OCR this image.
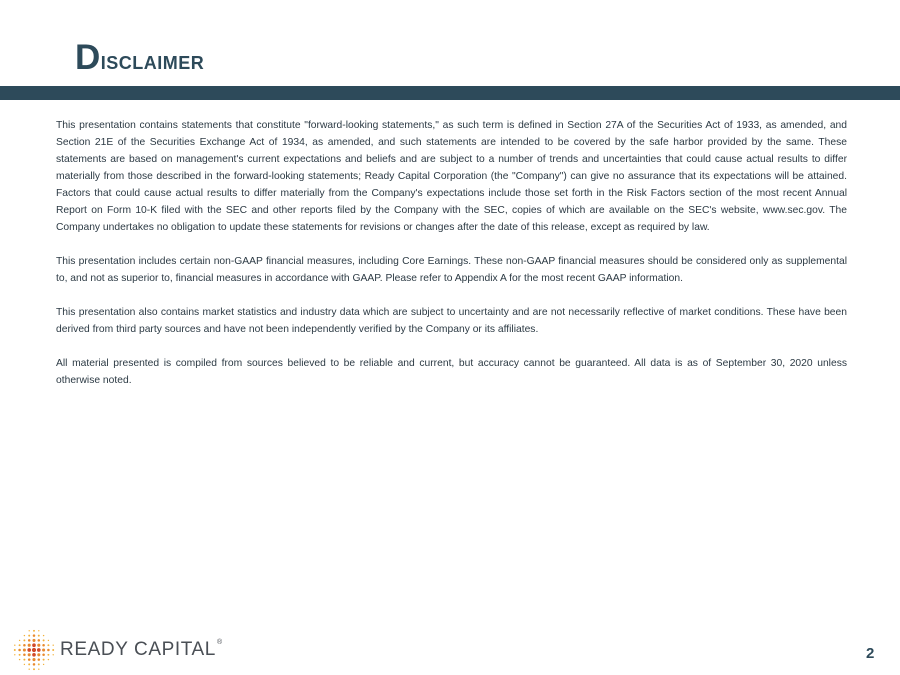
Disclaimer

This presentation contains statements that constitute "forward-looking statements," as such term is defined in Section 27A of the Securities Act of 1933, as amended, and Section 21E of the Securities Exchange Act of 1934, as amended, and such statements are intended to be covered by the safe harbor provided by the same. These statements are based on management's current expectations and beliefs and are subject to a number of trends and uncertainties that could cause actual results to differ materially from those described in the forward-looking statements; Ready Capital Corporation (the "Company") can give no assurance that its expectations will be attained. Factors that could cause actual results to differ materially from the Company's expectations include those set forth in the Risk Factors section of the most recent Annual Report on Form 10-K filed with the SEC and other reports filed by the Company with the SEC, copies of which are available on the SEC's website, www.sec.gov. The Company undertakes no obligation to update these statements for revisions or changes after the date of this release, except as required by law.

This presentation includes certain non-GAAP financial measures, including Core Earnings. These non-GAAP financial measures should be considered only as supplemental to, and not as superior to, financial measures in accordance with GAAP. Please refer to Appendix A for the most recent GAAP information.

This presentation also contains market statistics and industry data which are subject to uncertainty and are not necessarily reflective of market conditions. These have been derived from third party sources and have not been independently verified by the Company or its affiliates.

All material presented is compiled from sources believed to be reliable and current, but accuracy cannot be guaranteed. All data is as of September 30, 2020 unless otherwise noted.

READY CAPITAL®
2
